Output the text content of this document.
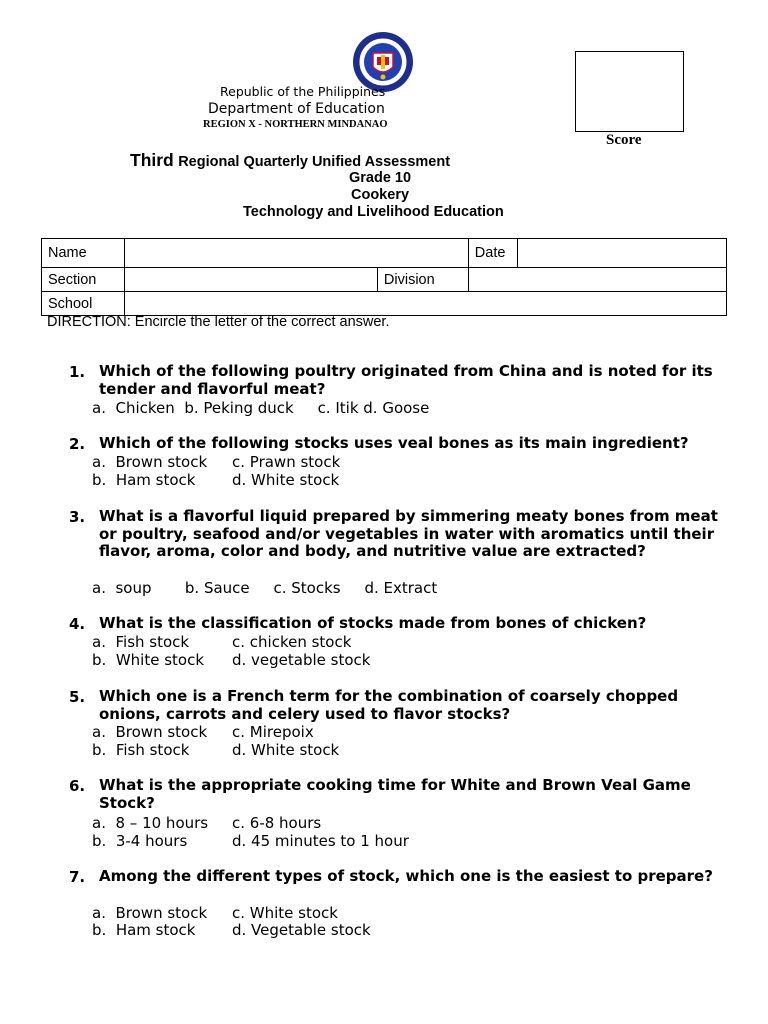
Republic of the Philippines
Department of Education
REGION X - NORTHERN MINDANAO
Score
Third Regional Quarterly Unified Assessment
Grade 10
Cookery
Technology and Livelihood Education
Name			Date	
Section		Division		
School				
DIRECTION: Encircle the letter of the correct answer.
1. Which of the following poultry originated from China and is noted for its tender and flavorful meat?
a.  Chicken  b. Peking duck     c. Itik d. Goose
2. Which of the following stocks uses veal bones as its main ingredient?
a.  Brown stock c. Prawn stock
b.  Ham stock d. White stock
3. What is a flavorful liquid prepared by simmering meaty bones from meat or poultry, seafood and/or vegetables in water with aromatics until their flavor, aroma, color and body, and nutritive value are extracted?
a.  soup       b. Sauce     c. Stocks     d. Extract
4. What is the classification of stocks made from bones of chicken?
a.  Fish stock	c. chicken stock
b.  White stock d. vegetable stock
5. Which one is a French term for the combination of coarsely chopped onions, carrots and celery used to flavor stocks?
a.  Brown stock c. Mirepoix
b.  Fish stock	d. White stock
6. What is the appropriate cooking time for White and Brown Veal Game Stock?
a.  8 – 10 hours c. 6-8 hours
b.  3-4 hours	d. 45 minutes to 1 hour
7. Among the different types of stock, which one is the easiest to prepare?
a.  Brown stock c. White stock
b.  Ham stock d. Vegetable stock
